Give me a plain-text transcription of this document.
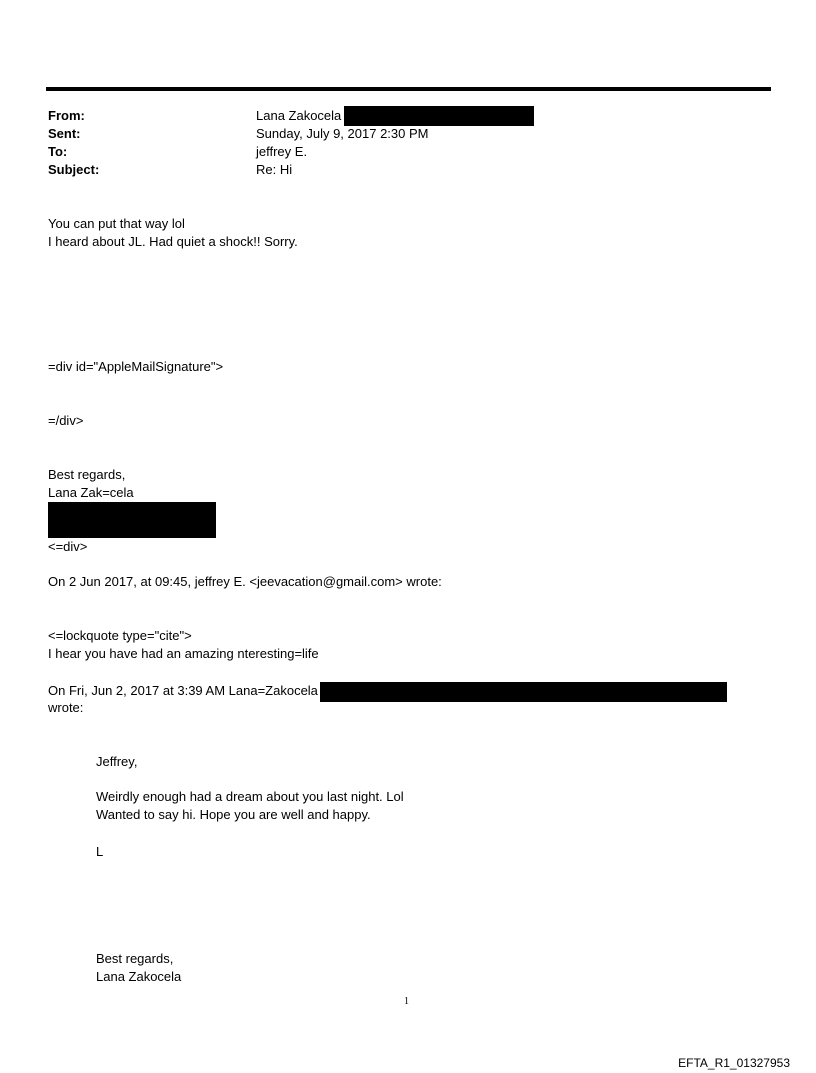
From:	Lana Zakocela
Sent:	Sunday, July 9, 2017 2:30 PM
To:	jeffrey E.
Subject:	Re: Hi
You can put that way lol
I heard about JL. Had quiet a shock!! Sorry.
=div id="AppleMailSignature">
=/div>
Best regards,
Lana Zak=cela
<=div>
On 2 Jun 2017, at 09:45, jeffrey E. <jeevacation@gmail.com> wrote:
<=lockquote type="cite">
I hear you have had an amazing nteresting=life
On Fri, Jun 2, 2017 at 3:39 AM Lana=Zakocela
wrote:
Jeffrey,
Weirdly enough had a dream about you last night. Lol
Wanted to say hi. Hope you are well and happy.
L
Best regards,
Lana Zakocela
1
EFTA_R1_01327953
